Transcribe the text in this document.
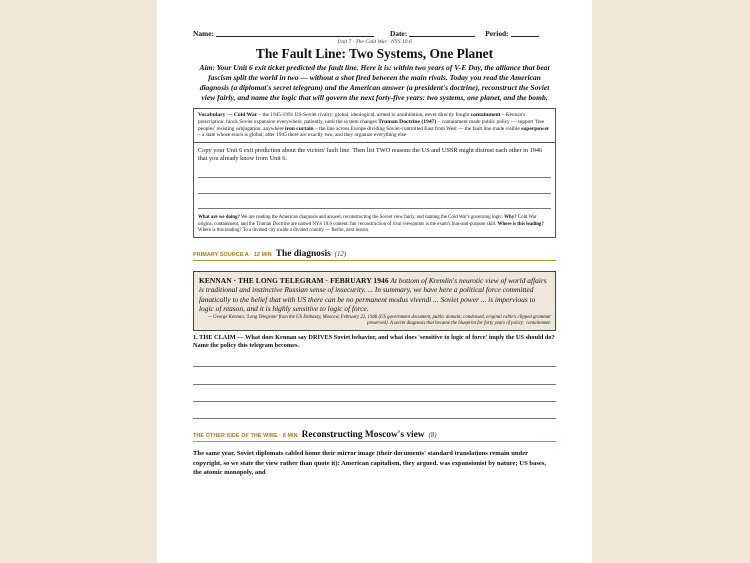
Name:	Date:	Period:
Unit 7 · The Cold War · NYS 10.6
The Fault Line: Two Systems, One Planet
Aim: Your Unit 6 exit ticket predicted the fault line. Here it is: within two years of V-E Day, the alliance that beat fascism split the world in two — without a shot fired between the main rivals. Today you read the American diagnosis (a diplomat's secret telegram) and the American answer (a president's doctrine), reconstruct the Soviet view fairly, and name the logic that will govern the next forty-five years: two systems, one planet, and the bomb.
Vocabulary — Cold War – the 1945-1991 US-Soviet rivalry: global, ideological, armed to annihilation, never directly fought containment – Kennan's prescription: block Soviet expansion everywhere, patiently, until the system changes Truman Doctrine (1947) – containment made public policy — support 'free peoples' resisting subjugation, anywhere iron curtain – the line across Europe dividing Soviet-controlled East from West — the fault line made visible superpower – a state whose reach is global; after 1945 there are exactly two, and they organize everything else
Copy your Unit 6 exit prediction about the victors' fault line. Then list TWO reasons the US and USSR might distrust each other in 1946 that you already know from Unit 6.
What are we doing? We are reading the American diagnosis and answer, reconstructing the Soviet view fairly, and naming the Cold War's governing logic. Why? Cold War origins, containment, and the Truman Doctrine are named NYS 10.6 content; fair reconstruction of rival viewpoints is the exam's bias-and-purpose skill. Where is this leading? Where is this leading? To a divided city inside a divided country — Berlin, next lesson.
PRIMARY SOURCE A · 12 MIN The diagnosis (12)
KENNAN · THE LONG TELEGRAM · FEBRUARY 1946 At bottom of Kremlin's neurotic view of world affairs is traditional and instinctive Russian sense of insecurity. ... In summary, we have here a political force committed fanatically to the belief that with US there can be no permanent modus vivendi ... Soviet power ... is impervious to logic of reason, and it is highly sensitive to logic of force.
— George Kennan, 'Long Telegram' from the US Embassy, Moscow, February 22, 1946 (US government document, public domain; condensed, original cable's clipped grammar preserved). A secret diagnosis that became the blueprint for forty years of policy: containment.
1. THE CLAIM — What does Kennan say DRIVES Soviet behavior, and what does 'sensitive to logic of force' imply the US should do? Name the policy this telegram becomes.
THE OTHER SIDE OF THE WIRE · 8 MIN Reconstructing Moscow's view (8)
The same year, Soviet diplomats cabled home their mirror image (their documents' standard translations remain under copyright, so we state the view rather than quote it): American capitalism, they argued, was expansionist by nature; US bases, the atomic monopoly, and
